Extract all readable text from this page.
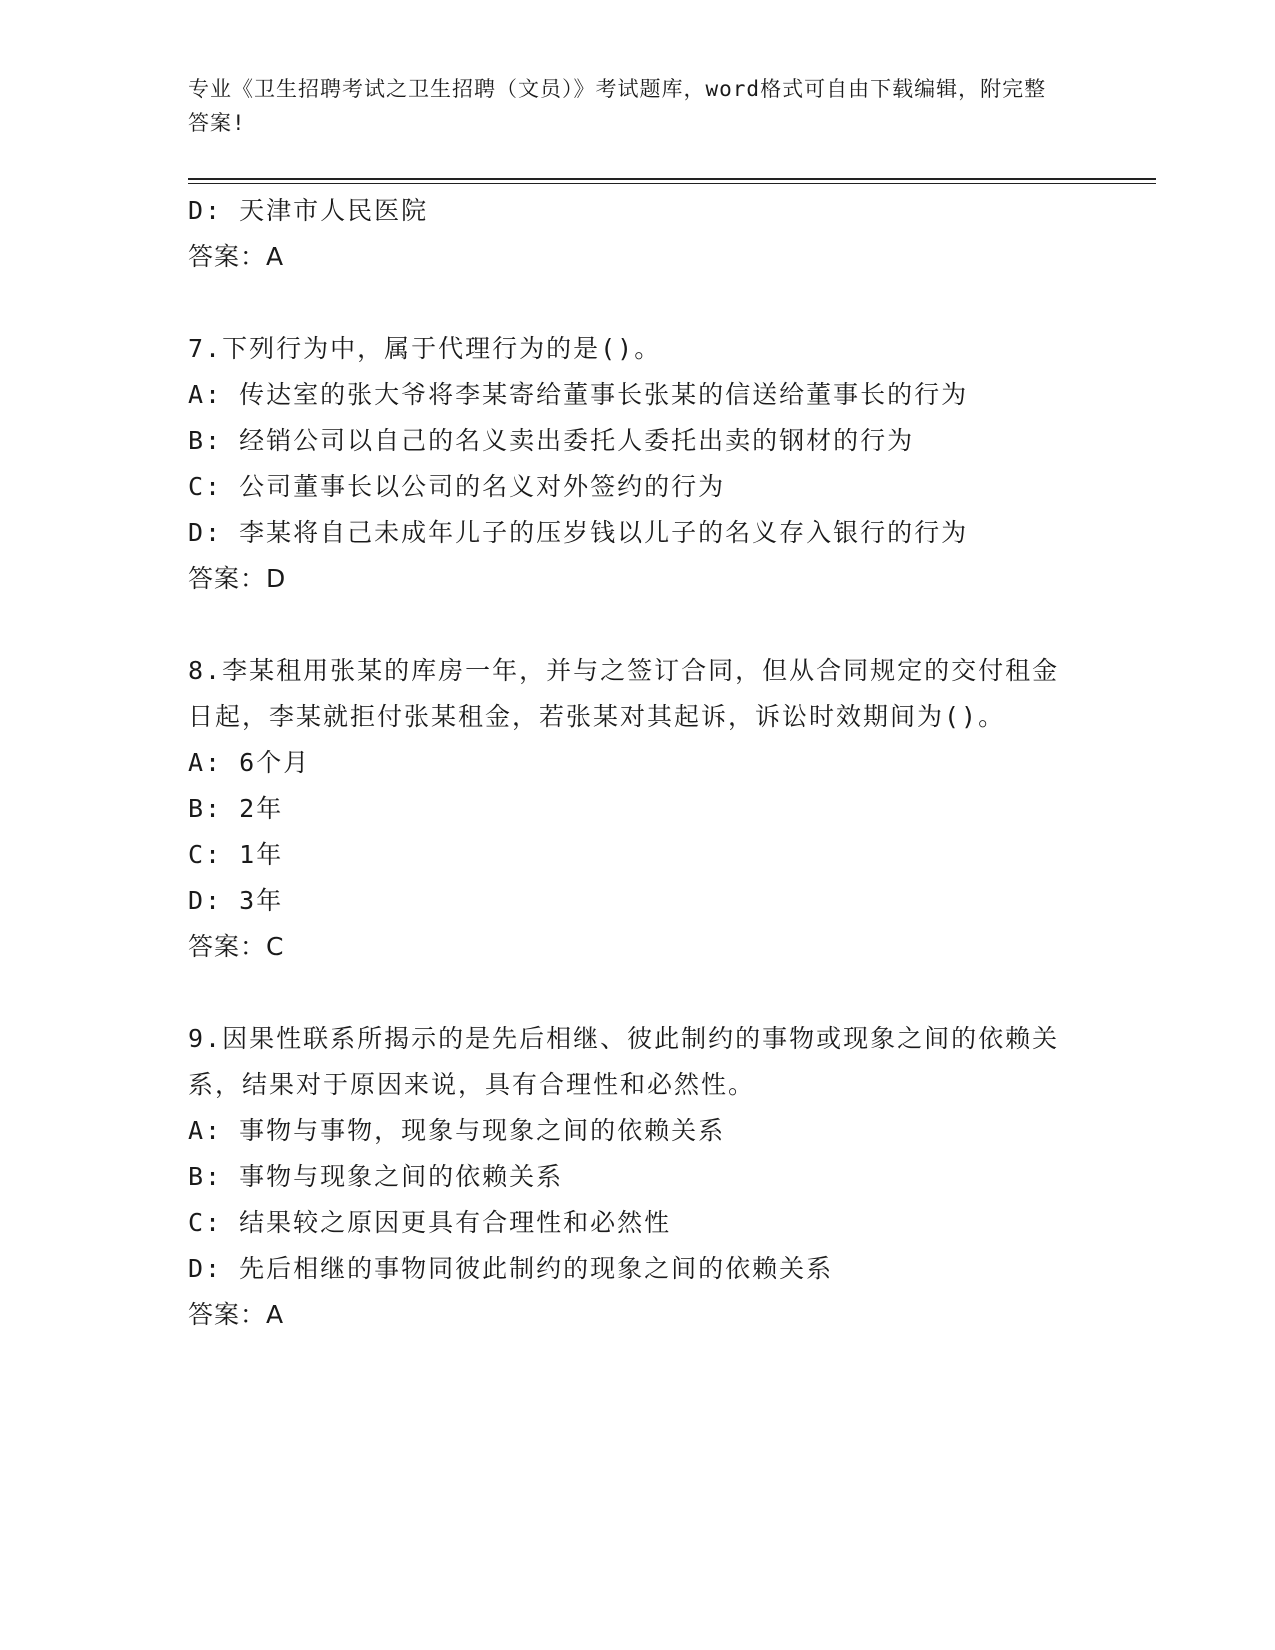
专业《卫生招聘考试之卫生招聘（文员）》考试题库，word格式可自由下载编辑，附完整答案!
D: 天津市人民医院
答案：A
7.下列行为中，属于代理行为的是()。
A: 传达室的张大爷将李某寄给董事长张某的信送给董事长的行为
B: 经销公司以自己的名义卖出委托人委托出卖的钢材的行为
C: 公司董事长以公司的名义对外签约的行为
D: 李某将自己未成年儿子的压岁钱以儿子的名义存入银行的行为
答案：D
8.李某租用张某的库房一年，并与之签订合同，但从合同规定的交付租金日起，李某就拒付张某租金，若张某对其起诉，诉讼时效期间为()。
A: 6个月
B: 2年
C: 1年
D: 3年
答案：C
9.因果性联系所揭示的是先后相继、彼此制约的事物或现象之间的依赖关系，结果对于原因来说，具有合理性和必然性。
A: 事物与事物，现象与现象之间的依赖关系
B: 事物与现象之间的依赖关系
C: 结果较之原因更具有合理性和必然性
D: 先后相继的事物同彼此制约的现象之间的依赖关系
答案：A
